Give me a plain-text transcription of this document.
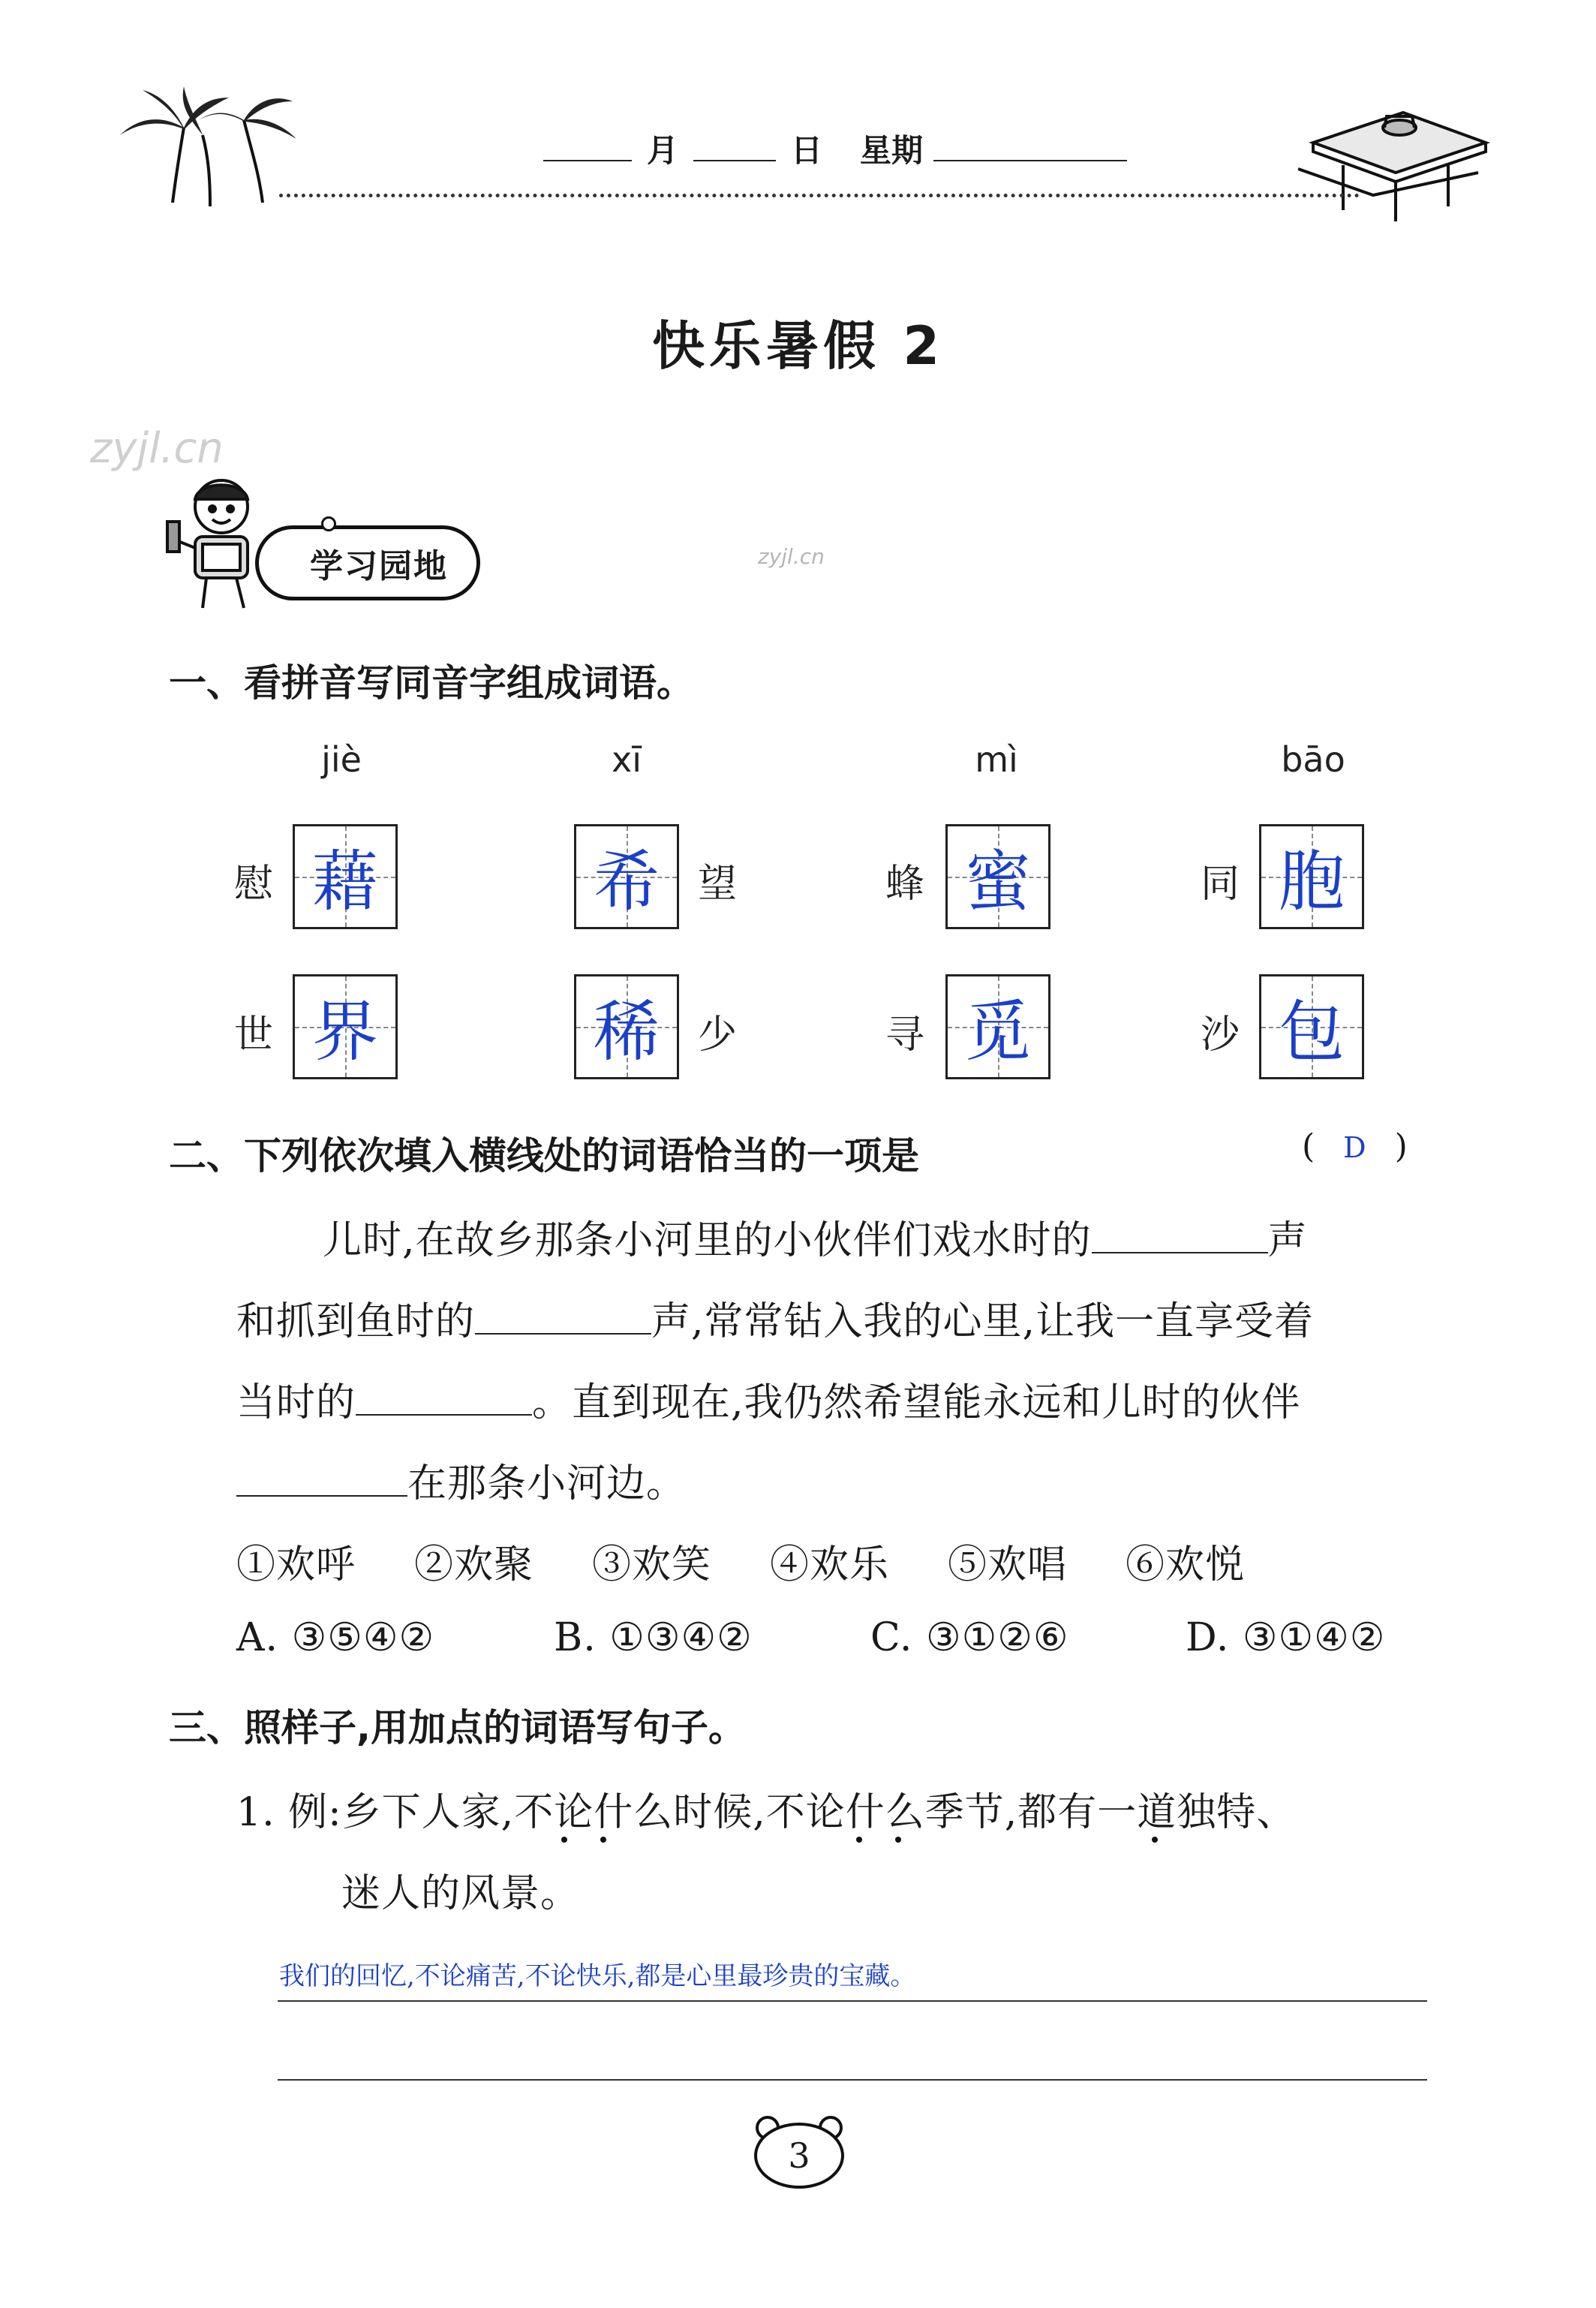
月	日 星期
快乐暑假 2
zyjl.cn
zyjl.cn
学习园地
一、看拼音写同音字组成词语。
jiè	xī	mì	bāo
慰 藉	希 望	蜂 蜜	同 胞
世 界	稀 少	寻 觅	沙 包
二、下列依次填入横线处的词语恰当的一项是	( D )
儿时,在故乡那条小河里的小伙伴们戏水时的	声
和抓到鱼时的	声,常常钻入我的心里,让我一直享受着
当时的	。直到现在,我仍然希望能永远和儿时的伙伴
在那条小河边。
①欢呼 ②欢聚 ③欢笑 ④欢乐 ⑤欢唱 ⑥欢悦
A. ③⑤④②	B. ①③④②	C. ③①②⑥	D. ③①④②
三、照样子,用加点的词语写句子。
1. 例:乡下人家,不论什么时候,不论什么季节,都有一道独特、
迷人的风景。
我们的回忆,不论痛苦,不论快乐,都是心里最珍贵的宝藏。
3
